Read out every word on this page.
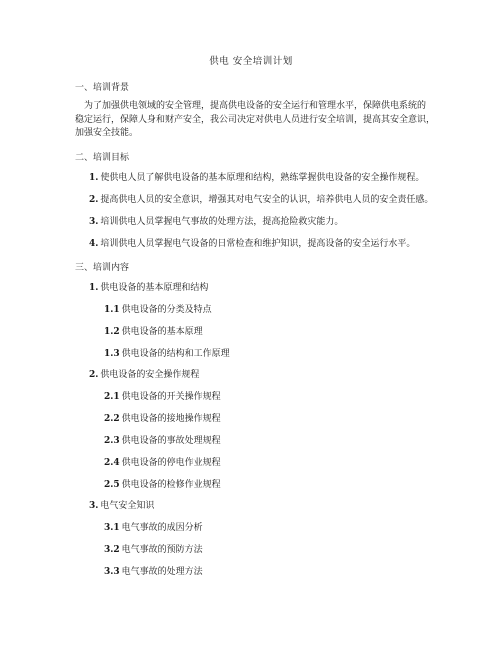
供电 安全培训计划
一、培训背景
为了加强供电领域的安全管理，提高供电设备的安全运行和管理水平，保障供电系统的
稳定运行，保障人身和财产安全，我公司决定对供电人员进行安全培训，提高其安全意识，
加强安全技能。
二、培训目标
1. 使供电人员了解供电设备的基本原理和结构，熟练掌握供电设备的安全操作规程。
2. 提高供电人员的安全意识，增强其对电气安全的认识，培养供电人员的安全责任感。
3. 培训供电人员掌握电气事故的处理方法，提高抢险救灾能力。
4. 培训供电人员掌握电气设备的日常检查和维护知识，提高设备的安全运行水平。
三、培训内容
1. 供电设备的基本原理和结构
1.1 供电设备的分类及特点
1.2 供电设备的基本原理
1.3 供电设备的结构和工作原理
2. 供电设备的安全操作规程
2.1 供电设备的开关操作规程
2.2 供电设备的接地操作规程
2.3 供电设备的事故处理规程
2.4 供电设备的停电作业规程
2.5 供电设备的检修作业规程
3. 电气安全知识
3.1 电气事故的成因分析
3.2 电气事故的预防方法
3.3 电气事故的处理方法
